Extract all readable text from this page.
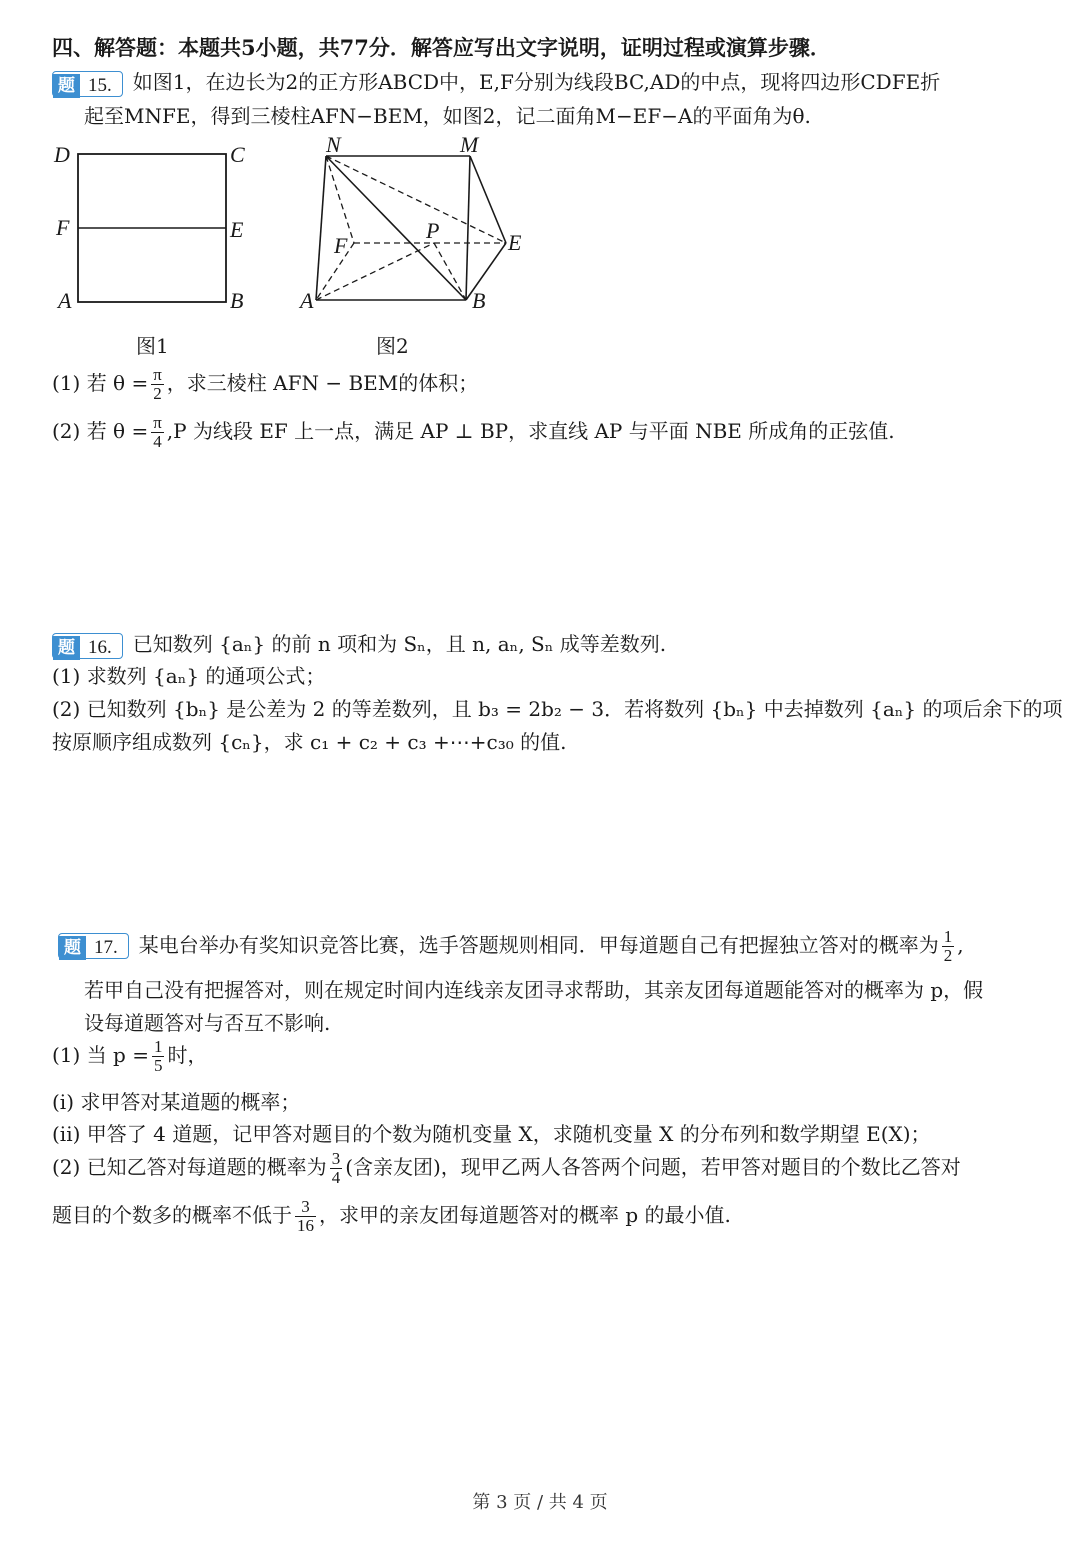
四、解答题：本题共5小题，共77分．解答应写出文字说明，证明过程或演算步骤．
题 15. 如图1，在边长为2的正方形ABCD中，E,F分别为线段BC,AD的中点，现将四边形CDFE折
起至MNFE，得到三棱柱AFN−BEM，如图2，记二面角M−EF−A的平面角为θ.
D	C
F	E
A	B
图1
N	M
F
P	E
A	B
图2
(1) 若 $\theta = \frac{\pi}{2}$ ，求三棱柱 AFN − BEM的体积；
(2) 若 $\theta = \frac{\pi}{4} ,P$ 为线段 EF 上一点，满足 AP ⊥ BP，求直线 AP 与平面 NBE 所成角的正弦值.
题 16. 已知数列 {aₙ} 的前 n 项和为 Sₙ，且 n, aₙ, Sₙ 成等差数列.
(1) 求数列 {aₙ} 的通项公式；
(2) 已知数列 {bₙ} 是公差为 2 的等差数列，且 b₃ = 2b₂ − 3．若将数列 {bₙ} 中去掉数列 {aₙ} 的项后余下的项
按原顺序组成数列 {cₙ}，求 c₁ + c₂ + c₃ +⋯+c₃₀ 的值.
题 17. 某电台举办有奖知识竞答比赛，选手答题规则相同．甲每道题自己有把握独立答对的概率为 $\frac{1}{2}$ ,
若甲自己没有把握答对，则在规定时间内连线亲友团寻求帮助，其亲友团每道题能答对的概率为 p，假
设每道题答对与否互不影响.
(1) 当 $p = \frac{1}{5}$ 时，
(i) 求甲答对某道题的概率；
(ii) 甲答了 4 道题，记甲答对题目的个数为随机变量 X，求随机变量 X 的分布列和数学期望 E(X)；
(2) 已知乙答对每道题的概率为 $\frac{3}{4}$ (含亲友团)，现甲乙两人各答两个问题，若甲答对题目的个数比乙答对
题目的个数多的概率不低于 $\frac{3}{16}$ ，求甲的亲友团每道题答对的概率 p 的最小值.
第 3 页 / 共 4 页
